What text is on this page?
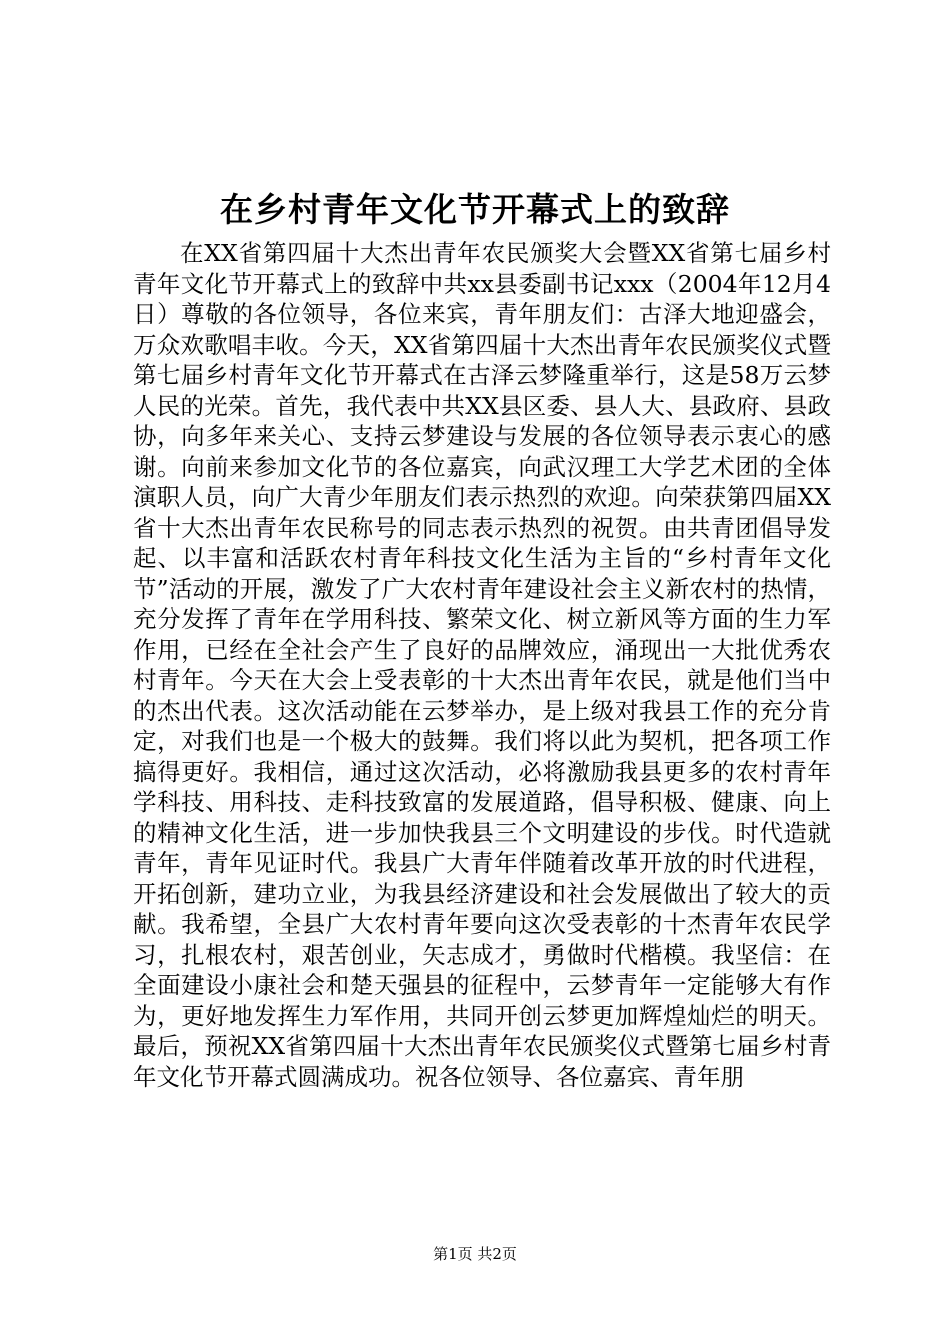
在乡村青年文化节开幕式上的致辞

在XX省第四届十大杰出青年农民颁奖大会暨XX省第七届乡村青年文化节开幕式上的致辞中共xx县委副书记xxx（2004年12月4日）尊敬的各位领导，各位来宾，青年朋友们：古泽大地迎盛会，万众欢歌唱丰收。今天，XX省第四届十大杰出青年农民颁奖仪式暨第七届乡村青年文化节开幕式在古泽云梦隆重举行，这是58万云梦人民的光荣。首先，我代表中共XX县区委、县人大、县政府、县政协，向多年来关心、支持云梦建设与发展的各位领导表示衷心的感谢。向前来参加文化节的各位嘉宾，向武汉理工大学艺术团的全体演职人员，向广大青少年朋友们表示热烈的欢迎。向荣获第四届XX省十大杰出青年农民称号的同志表示热烈的祝贺。由共青团倡导发起、以丰富和活跃农村青年科技文化生活为主旨的“乡村青年文化节”活动的开展，激发了广大农村青年建设社会主义新农村的热情，充分发挥了青年在学用科技、繁荣文化、树立新风等方面的生力军作用，已经在全社会产生了良好的品牌效应，涌现出一大批优秀农村青年。今天在大会上受表彰的十大杰出青年农民，就是他们当中的杰出代表。这次活动能在云梦举办，是上级对我县工作的充分肯定，对我们也是一个极大的鼓舞。我们将以此为契机，把各项工作搞得更好。我相信，通过这次活动，必将激励我县更多的农村青年学科技、用科技、走科技致富的发展道路，倡导积极、健康、向上的精神文化生活，进一步加快我县三个文明建设的步伐。时代造就青年，青年见证时代。我县广大青年伴随着改革开放的时代进程，开拓创新，建功立业，为我县经济建设和社会发展做出了较大的贡献。我希望，全县广大农村青年要向这次受表彰的十杰青年农民学习，扎根农村，艰苦创业，矢志成才，勇做时代楷模。我坚信：在全面建设小康社会和楚天强县的征程中，云梦青年一定能够大有作为，更好地发挥生力军作用，共同开创云梦更加辉煌灿烂的明天。最后，预祝XX省第四届十大杰出青年农民颁奖仪式暨第七届乡村青年文化节开幕式圆满成功。祝各位领导、各位嘉宾、青年朋

第1页 共2页
